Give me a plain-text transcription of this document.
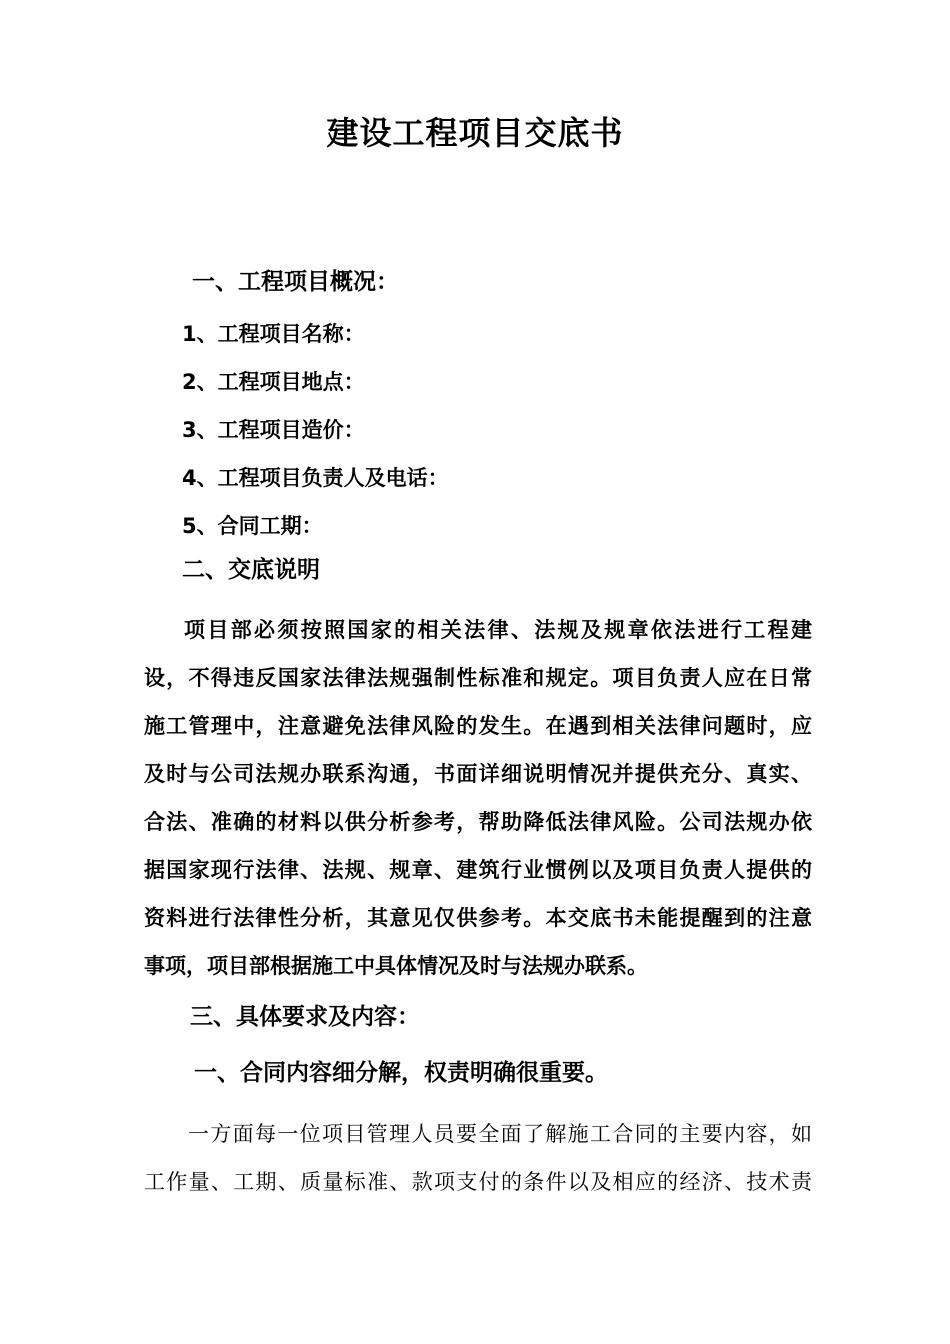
建设工程项目交底书
一、工程项目概况：
1、工程项目名称：
2、工程项目地点：
3、工程项目造价：
4、工程项目负责人及电话：
5、合同工期：
二、交底说明
项目部必须按照国家的相关法律、法规及规章依法进行工程建
设，不得违反国家法律法规强制性标准和规定。项目负责人应在日常
施工管理中，注意避免法律风险的发生。在遇到相关法律问题时，应
及时与公司法规办联系沟通，书面详细说明情况并提供充分、真实、
合法、准确的材料以供分析参考，帮助降低法律风险。公司法规办依
据国家现行法律、法规、规章、建筑行业惯例以及项目负责人提供的
资料进行法律性分析，其意见仅供参考。本交底书未能提醒到的注意
事项，项目部根据施工中具体情况及时与法规办联系。
三、具体要求及内容：
一、合同内容细分解，权责明确很重要。
一方面每一位项目管理人员要全面了解施工合同的主要内容，如
工作量、工期、质量标准、款项支付的条件以及相应的经济、技术责
